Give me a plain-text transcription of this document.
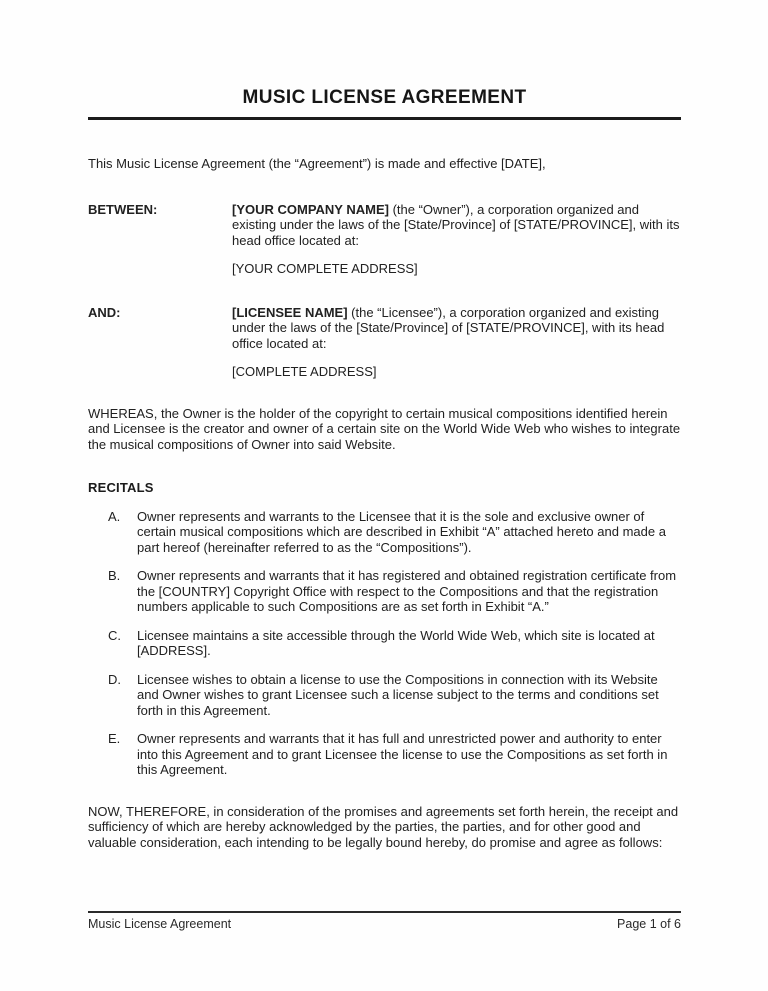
MUSIC LICENSE AGREEMENT

This Music License Agreement (the “Agreement”) is made and effective [DATE],

BETWEEN:	[YOUR COMPANY NAME] (the “Owner”), a corporation organized and existing under the laws of the [State/Province] of [STATE/PROVINCE], with its head office located at:

[YOUR COMPLETE ADDRESS]

AND:	[LICENSEE NAME] (the “Licensee”), a corporation organized and existing under the laws of the [State/Province] of [STATE/PROVINCE], with its head office located at:

[COMPLETE ADDRESS]

WHEREAS, the Owner is the holder of the copyright to certain musical compositions identified herein and Licensee is the creator and owner of a certain site on the World Wide Web who wishes to integrate the musical compositions of Owner into said Website.

RECITALS
A. Owner represents and warrants to the Licensee that it is the sole and exclusive owner of certain musical compositions which are described in Exhibit “A” attached hereto and made a part hereof (hereinafter referred to as the “Compositions”).
B. Owner represents and warrants that it has registered and obtained registration certificate from the [COUNTRY] Copyright Office with respect to the Compositions and that the registration numbers applicable to such Compositions are as set forth in Exhibit “A.”
C. Licensee maintains a site accessible through the World Wide Web, which site is located at [ADDRESS].
D. Licensee wishes to obtain a license to use the Compositions in connection with its Website and Owner wishes to grant Licensee such a license subject to the terms and conditions set forth in this Agreement.
E. Owner represents and warrants that it has full and unrestricted power and authority to enter into this Agreement and to grant Licensee the license to use the Compositions as set forth in this Agreement.

NOW, THEREFORE, in consideration of the promises and agreements set forth herein, the receipt and sufficiency of which are hereby acknowledged by the parties, the parties, and for other good and valuable consideration, each intending to be legally bound hereby, do promise and agree as follows:

Music License Agreement	Page 1 of 6
